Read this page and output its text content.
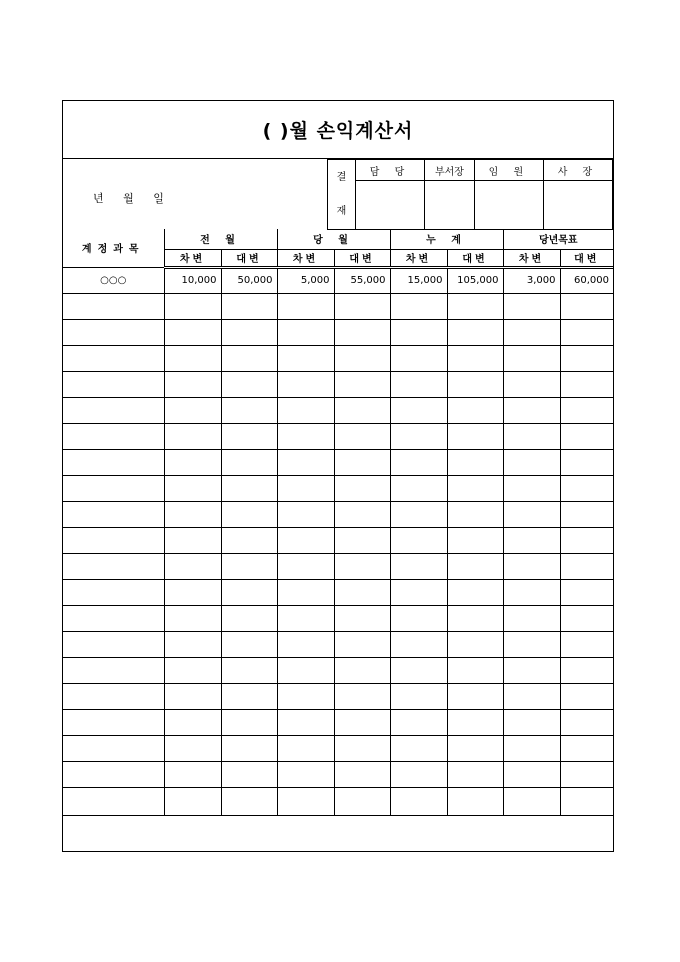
( )월 손익계산서
년 월 일
결
재	담 당	부서장	임 원	사 장

계정과목	전 월		당 월		누 계		당년목표	
	차변	대변	차변	대변	차변	대변	차변	대변
○○○	10,000	50,000	5,000	55,000	15,000	105,000	3,000	60,000
